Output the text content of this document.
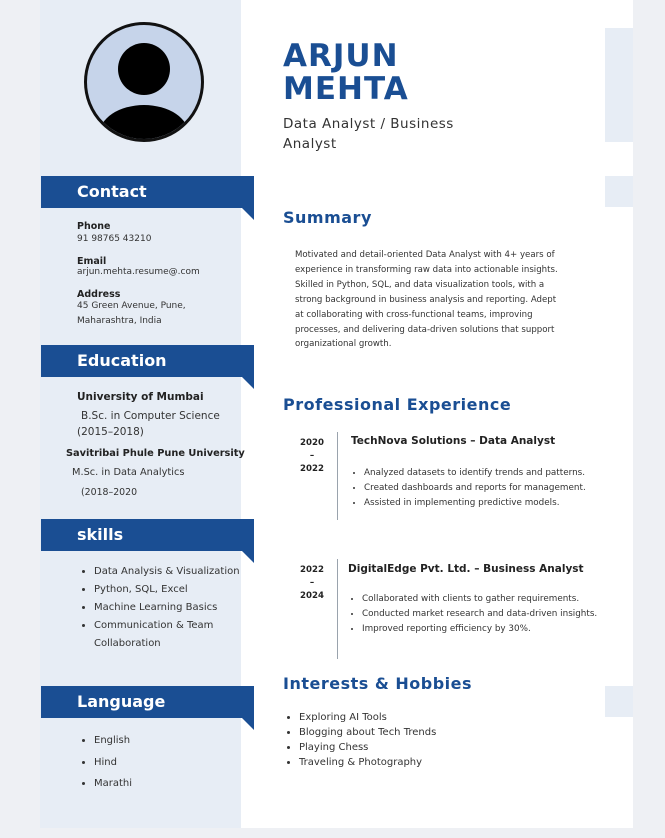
Contact
Phone
91 98765 43210
Email
arjun.mehta.resume@.com
Address
45 Green Avenue, Pune,
Maharashtra, India
Education
University of Mumbai
B.Sc. in Computer Science
(2015–2018)
Savitribai Phule Pune University
M.Sc. in Data Analytics
(2018–2020
skills
• Data Analysis & Visualization
• Python, SQL, Excel
• Machine Learning Basics
• Communication & Team Collaboration
Language
• English
• Hind
• Marathi
ARJUN
MEHTA
Data Analyst / Business
Analyst
Summary
Motivated and detail-oriented Data Analyst with 4+ years of
experience in transforming raw data into actionable insights.
Skilled in Python, SQL, and data visualization tools, with a
strong background in business analysis and reporting. Adept
at collaborating with cross-functional teams, improving
processes, and delivering data-driven solutions that support
organizational growth.
Professional Experience
2020
–
2022
TechNova Solutions – Data Analyst
• Analyzed datasets to identify trends and patterns.
• Created dashboards and reports for management.
• Assisted in implementing predictive models.
2022
–
2024
DigitalEdge Pvt. Ltd. – Business Analyst
• Collaborated with clients to gather requirements.
• Conducted market research and data-driven insights.
• Improved reporting efficiency by 30%.
Interests & Hobbies
• Exploring AI Tools
• Blogging about Tech Trends
• Playing Chess
• Traveling & Photography
